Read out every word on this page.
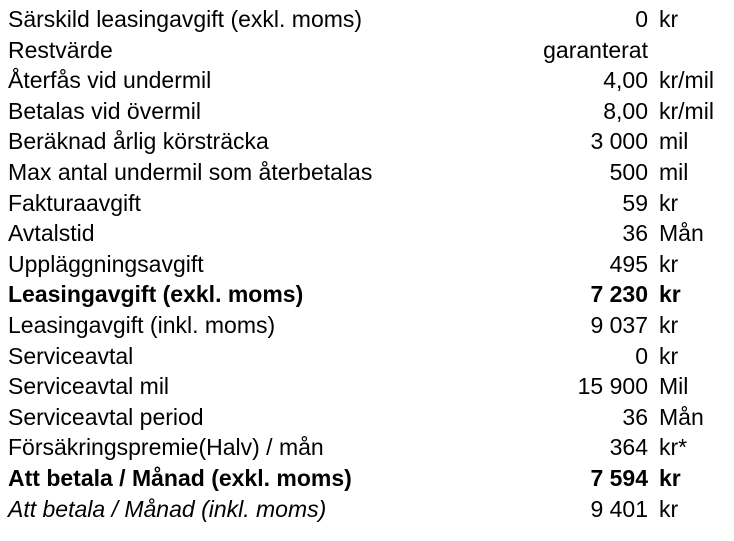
Särskild leasingavgift (exkl. moms)	0 kr
Restvärde	garanterat
Återfås vid undermil	4,00 kr/mil
Betalas vid övermil	8,00 kr/mil
Beräknad årlig körsträcka	3 000 mil
Max antal undermil som återbetalas	500 mil
Fakturaavgift	59 kr
Avtalstid	36 Mån
Uppläggningsavgift	495 kr
Leasingavgift (exkl. moms)	7 230 kr
Leasingavgift (inkl. moms)	9 037 kr
Serviceavtal	0 kr
Serviceavtal mil	15 900 Mil
Serviceavtal period	36 Mån
Försäkringspremie(Halv) / mån	364 kr*
Att betala / Månad (exkl. moms)	7 594 kr
Att betala / Månad (inkl. moms)	9 401 kr
